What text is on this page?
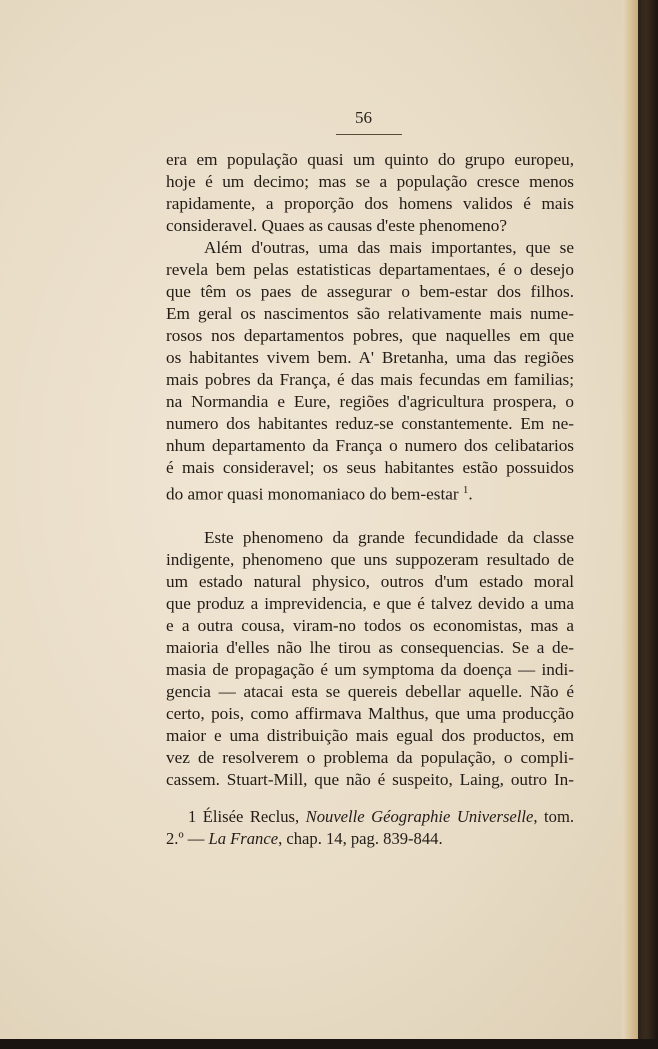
56
era em população quasi um quinto do grupo europeu,
hoje é um decimo; mas se a população cresce menos
rapidamente, a proporção dos homens validos é mais
consideravel. Quaes as causas d'este phenomeno?
Além d'outras, uma das mais importantes, que se
revela bem pelas estatisticas departamentaes, é o desejo
que têm os paes de assegurar o bem-estar dos filhos.
Em geral os nascimentos são relativamente mais nume-
rosos nos departamentos pobres, que naquelles em que
os habitantes vivem bem. A' Bretanha, uma das regiões
mais pobres da França, é das mais fecundas em familias;
na Normandia e Eure, regiões d'agricultura prospera, o
numero dos habitantes reduz-se constantemente. Em ne-
nhum departamento da França o numero dos celibatarios
é mais consideravel; os seus habitantes estão possuidos
do amor quasi monomaniaco do bem-estar $^1$.
Este phenomeno da grande fecundidade da classe
indigente, phenomeno que uns suppozeram resultado de
um estado natural physico, outros d'um estado moral
que produz a imprevidencia, e que é talvez devido a uma
e a outra cousa, viram-no todos os economistas, mas a
maioria d'elles não lhe tirou as consequencias. Se a de-
masia de propagação é um symptoma da doença — indi-
gencia — atacai esta se quereis debellar aquelle. Não é
certo, pois, como affirmava Malthus, que uma producção
maior e uma distribuição mais egual dos productos, em
vez de resolverem o problema da população, o compli-
cassem. Stuart-Mill, que não é suspeito, Laing, outro In-
1 Élisée Reclus, Nouvelle Géographie Universelle, tom.
2.º — La France, chap. 14, pag. 839-844.
